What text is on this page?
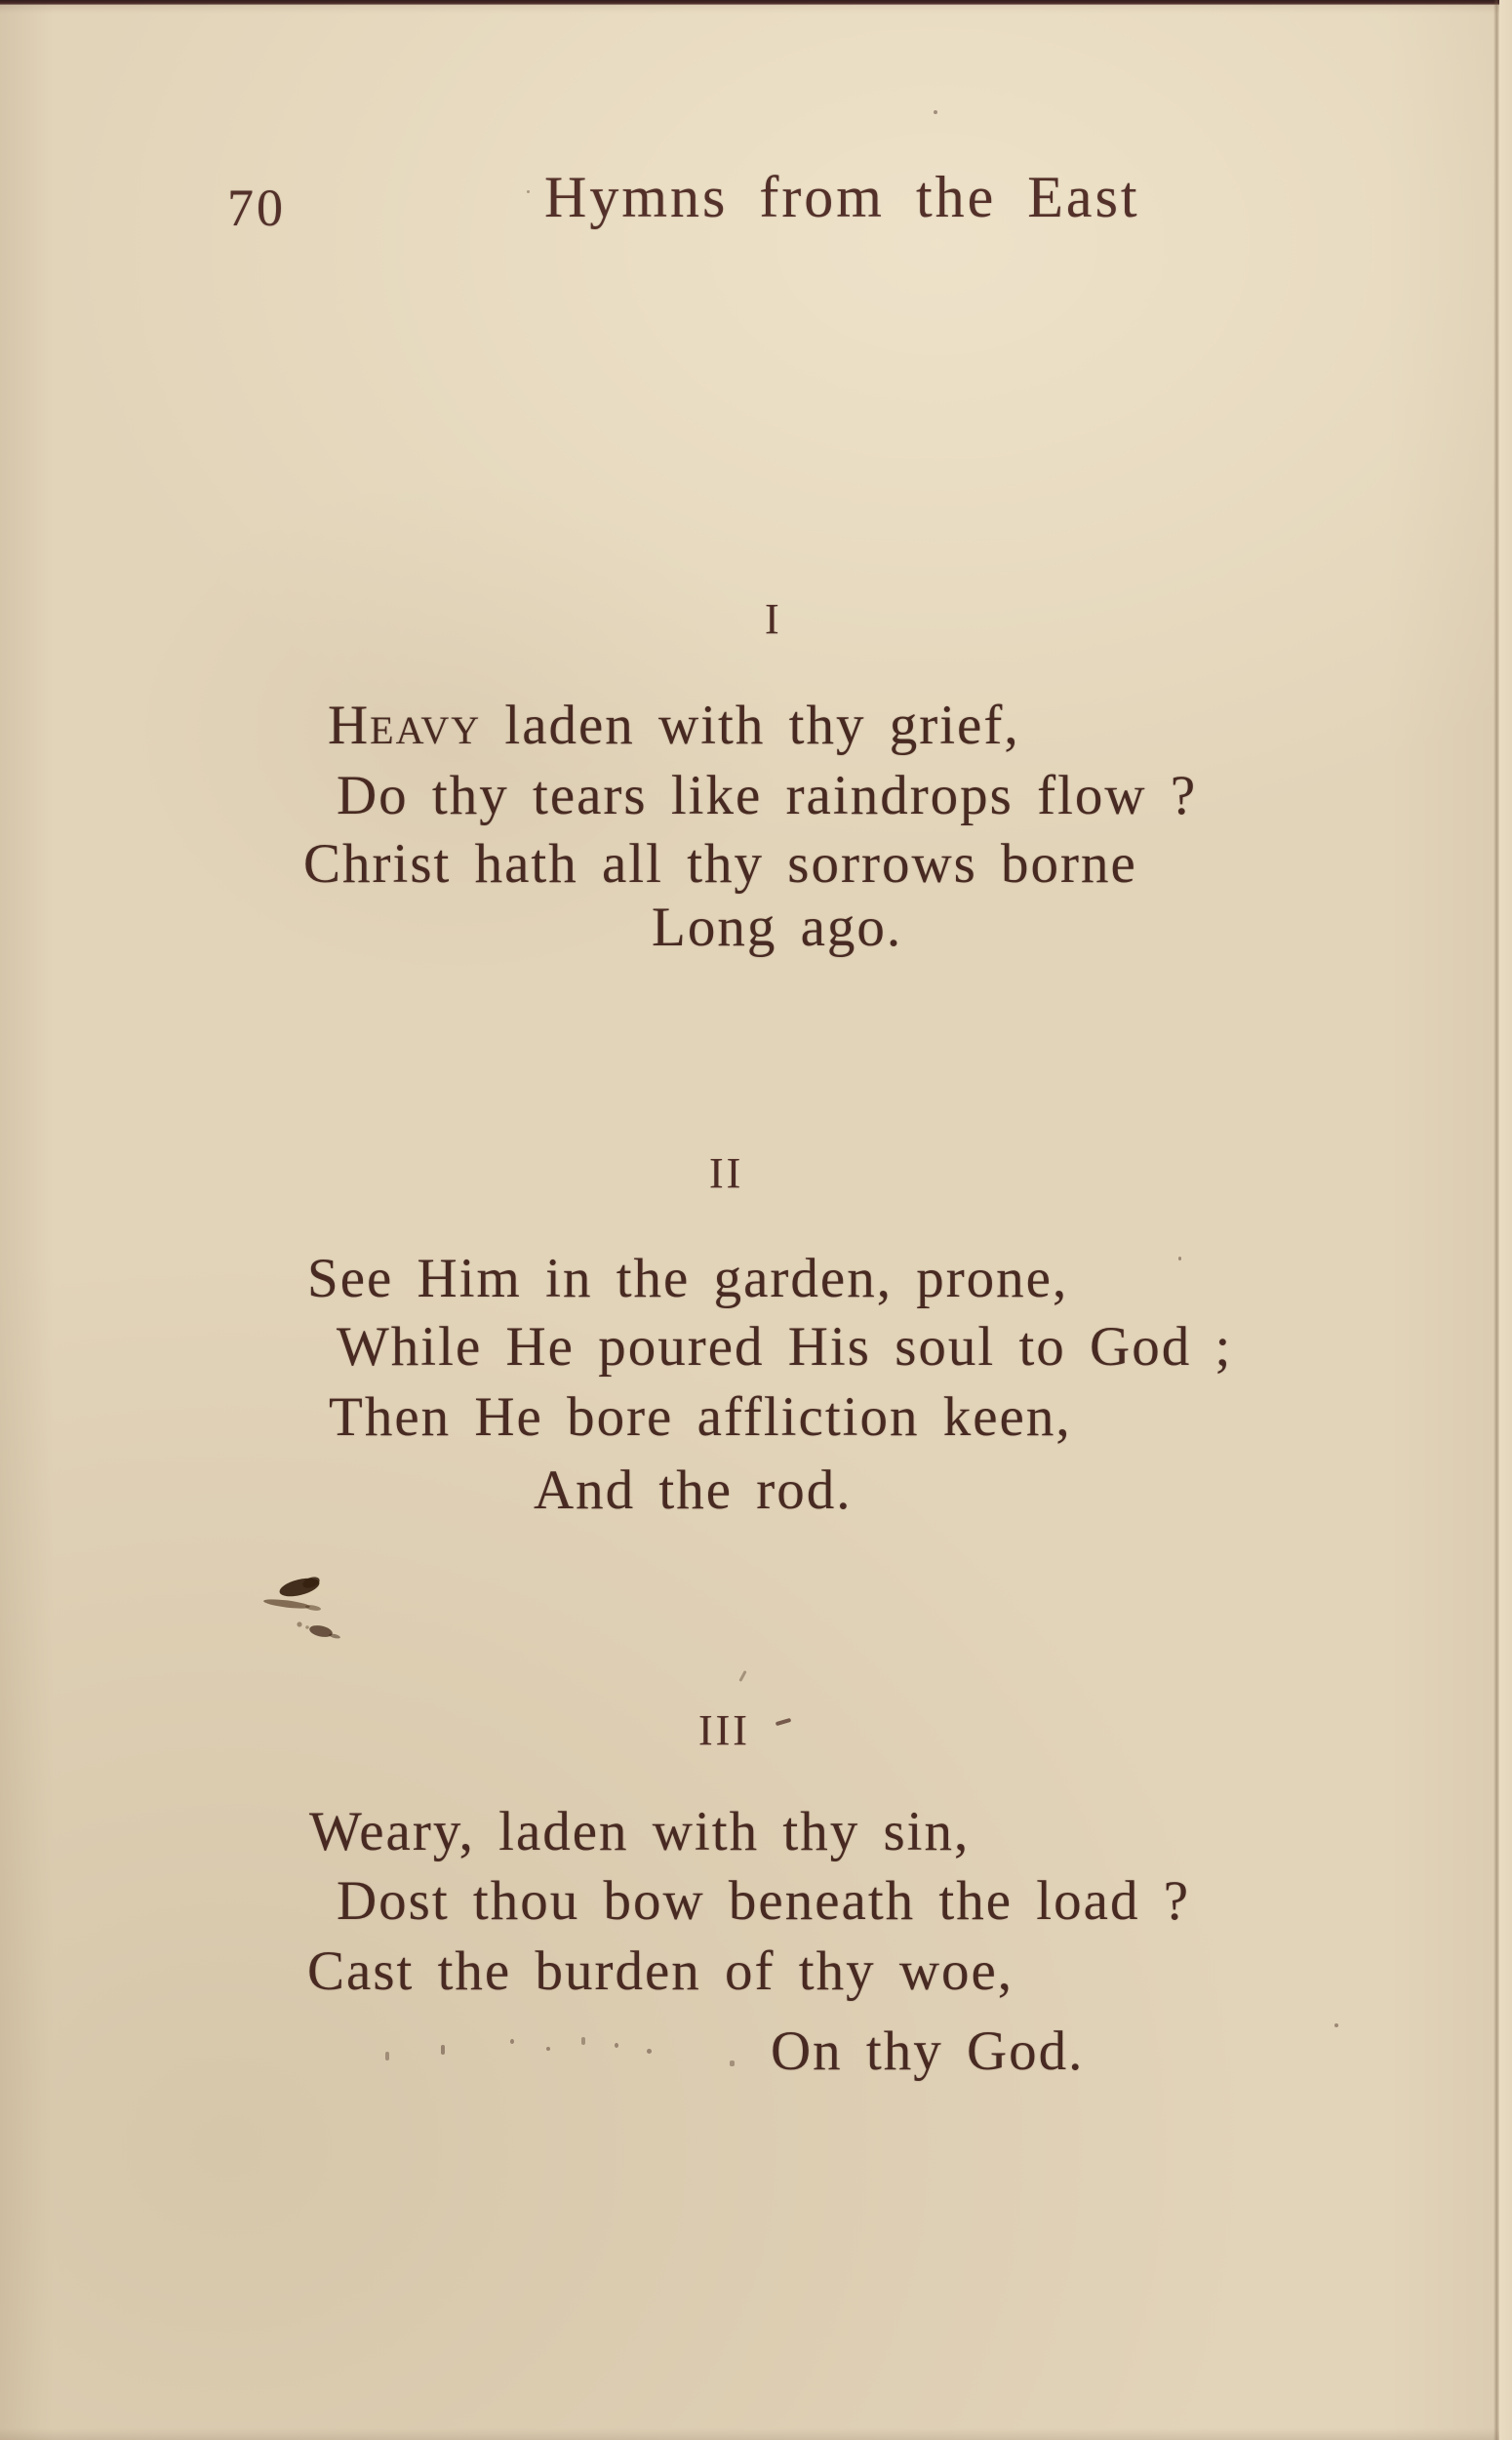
70	Hymns from the East

I

Heavy laden with thy grief,

Do thy tears like raindrops flow ?

Christ hath all thy sorrows borne

Long ago.

II

See Him in the garden, prone,

While He poured His soul to God ;

Then He bore affliction keen,

And the rod.

III

Weary, laden with thy sin,

Dost thou bow beneath the load ?

Cast the burden of thy woe,

On thy God.
